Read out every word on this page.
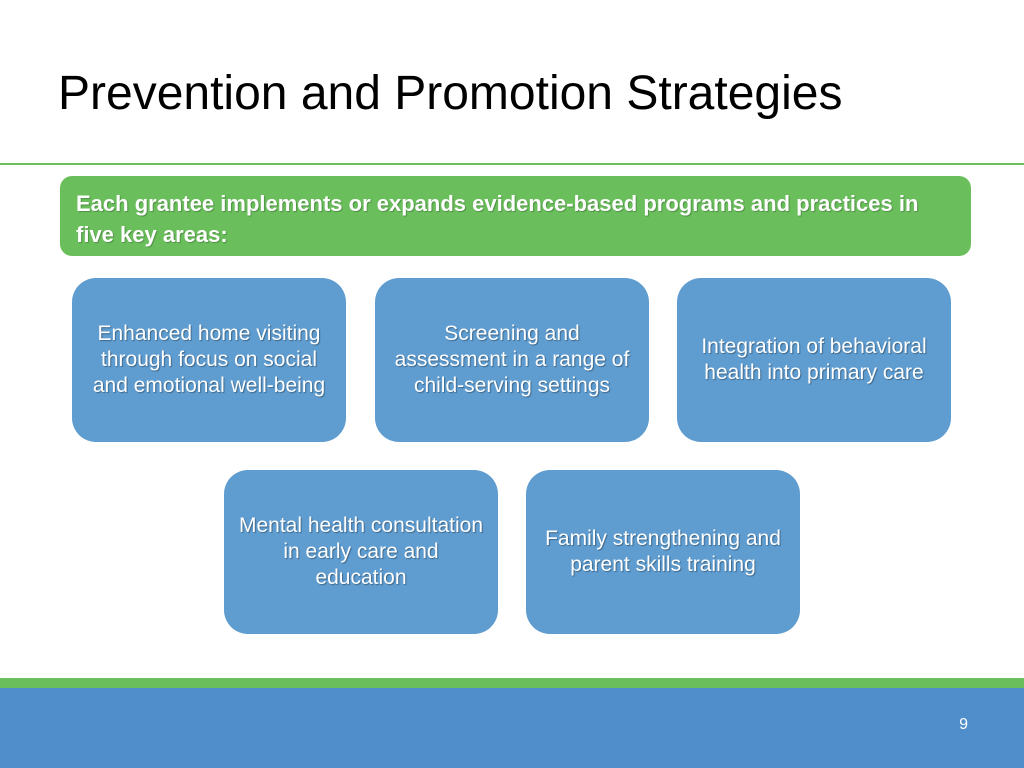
Prevention and Promotion Strategies
Each grantee implements or expands evidence-based programs and practices in five key areas:
Enhanced home visiting through focus on social and emotional well-being
Screening and assessment in a range of child-serving settings
Integration of behavioral health into primary care
Mental health consultation in early care and education
Family strengthening and parent skills training
9
